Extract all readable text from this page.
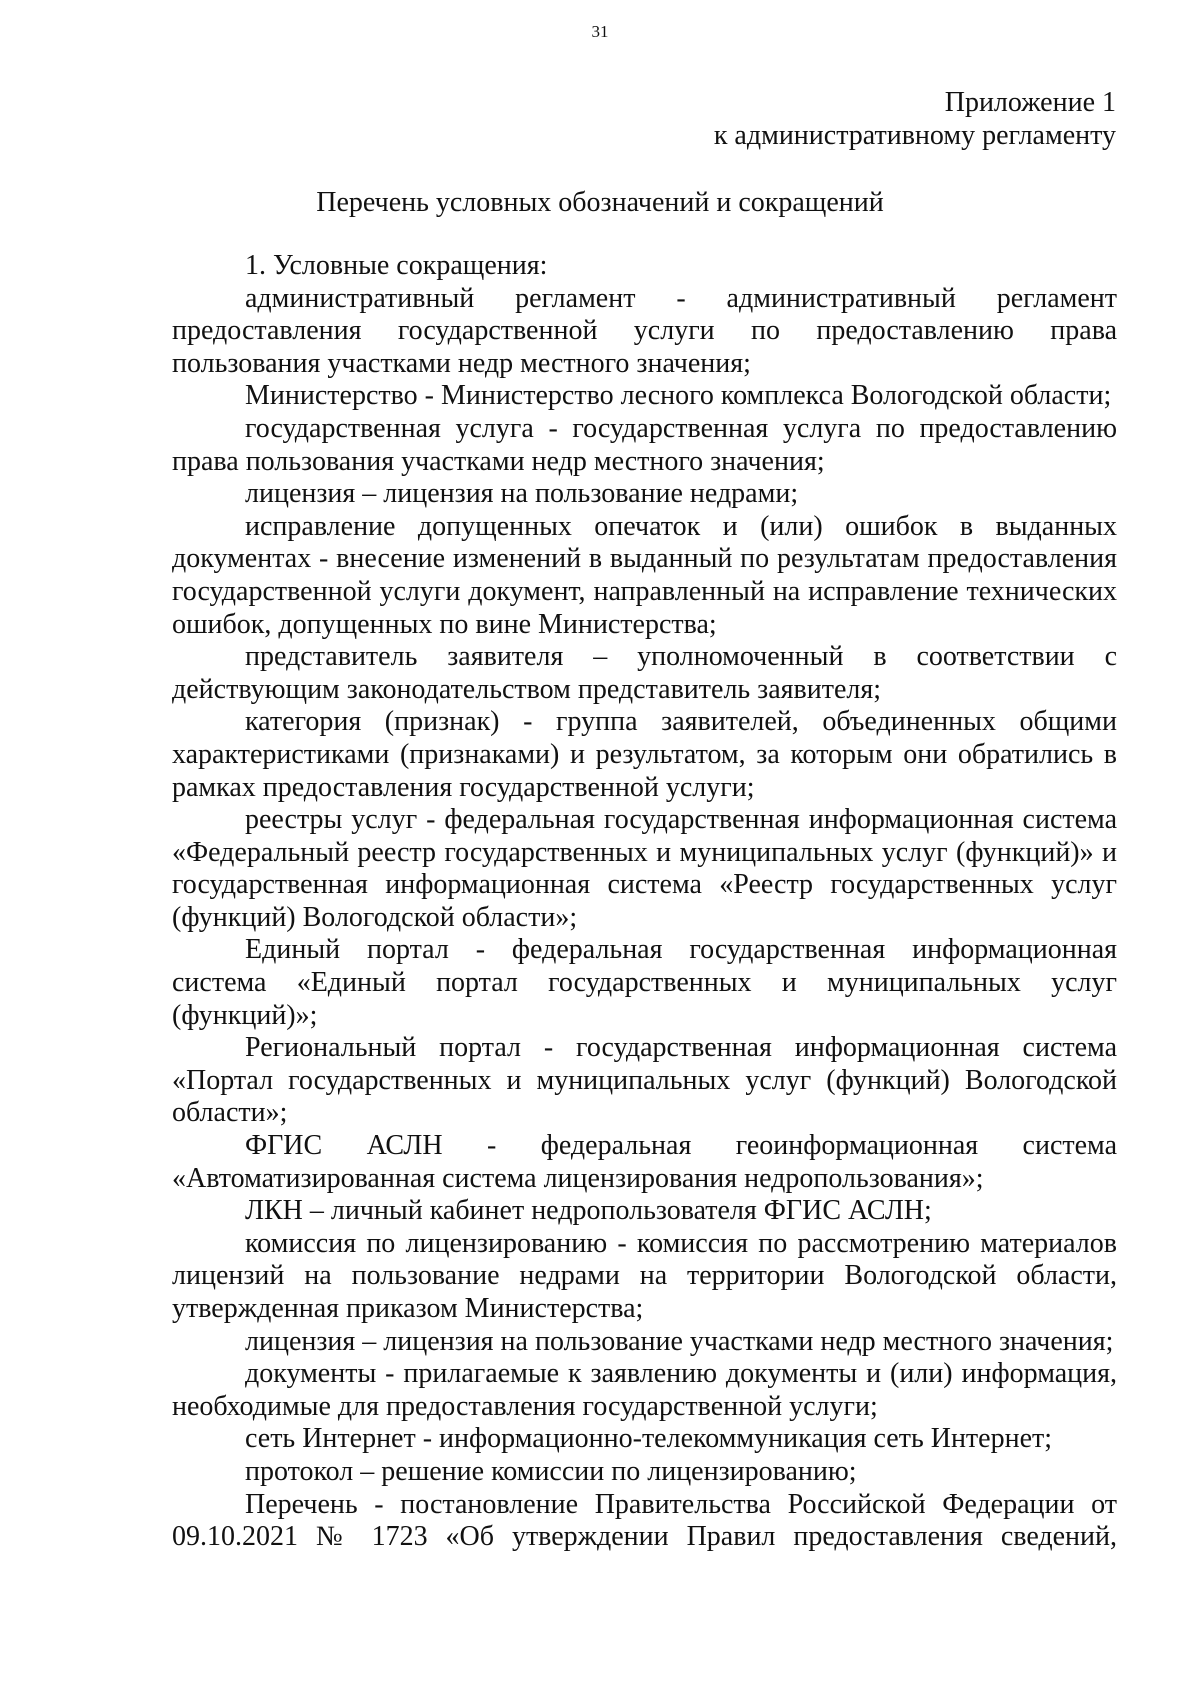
31
Приложение 1
к административному регламенту
Перечень условных обозначений и сокращений

1. Условные сокращения:

административный регламент - административный регламент предоставления государственной услуги по предоставлению права пользования участками недр местного значения;

Министерство - Министерство лесного комплекса Вологодской области;

государственная услуга - государственная услуга по предоставлению права пользования участками недр местного значения;

лицензия – лицензия на пользование недрами;

исправление допущенных опечаток и (или) ошибок в выданных документах - внесение изменений в выданный по результатам предоставления государственной услуги документ, направленный на исправление технических ошибок, допущенных по вине Министерства;

представитель заявителя – уполномоченный в соответствии с действующим законодательством представитель заявителя;

категория (признак) - группа заявителей, объединенных общими характеристиками (признаками) и результатом, за которым они обратились в рамках предоставления государственной услуги;

реестры услуг - федеральная государственная информационная система «Федеральный реестр государственных и муниципальных услуг (функций)» и государственная информационная система «Реестр государственных услуг (функций) Вологодской области»;

Единый портал - федеральная государственная информационная система «Единый портал государственных и муниципальных услуг (функций)»;

Региональный портал - государственная информационная система «Портал государственных и муниципальных услуг (функций) Вологодской области»;

ФГИС АСЛН - федеральная геоинформационная система «Автоматизированная система лицензирования недропользования»;

ЛКН – личный кабинет недропользователя ФГИС АСЛН;

комиссия по лицензированию - комиссия по рассмотрению материалов лицензий на пользование недрами на территории Вологодской области, утвержденная приказом Министерства;

лицензия – лицензия на пользование участками недр местного значения;

документы - прилагаемые к заявлению документы и (или) информация, необходимые для предоставления государственной услуги;

сеть Интернет - информационно-телекоммуникация сеть Интернет;

протокол – решение комиссии по лицензированию;

Перечень - постановление Правительства Российской Федерации от 09.10.2021 № 1723 «Об утверждении Правил предоставления сведений,
